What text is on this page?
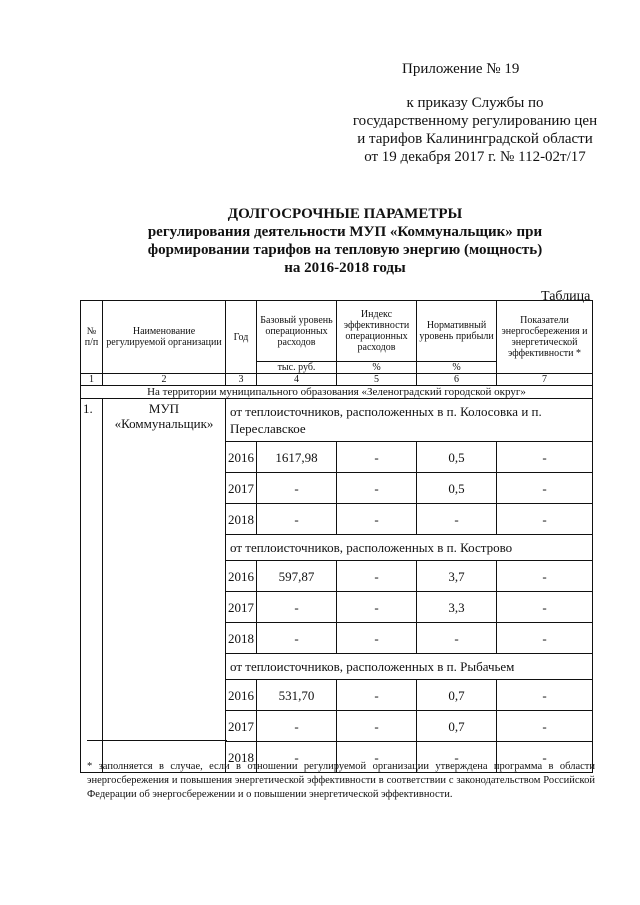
Приложение № 19
к приказу Службы по
государственному регулированию цен
и тарифов Калининградской области
от 19 декабря 2017 г. № 112-02т/17
ДОЛГОСРОЧНЫЕ ПАРАМЕТРЫ
регулирования деятельности МУП «Коммунальщик» при
формировании тарифов на тепловую энергию (мощность)
на 2016-2018 годы
Таблица
№ п/п	Наименование регулируемой организации	Год	Базовый уровень операционных расходов	Индекс эффективности операционных расходов	Нормативный уровень прибыли	Показатели энергосбережения и энергетической эффективности *
			тыс. руб.	%	%	
1	2	3	4	5	6	7
На территории муниципального образования «Зеленоградский городской округ»						
1.	МУП «Коммунальщик»	от теплоисточников, расположенных в п. Колосовка и п. Переславское				
		2016	1617,98	-	0,5	-
		2017	-	-	0,5	-
		2018	-	-	-	-
		от теплоисточников, расположенных в п. Кострово				
		2016	597,87	-	3,7	-
		2017	-	-	3,3	-
		2018	-	-	-	-
		от теплоисточников, расположенных в п. Рыбачьем				
		2016	531,70	-	0,7	-
		2017	-	-	0,7	-
		2018	-	-	-	-
* заполняется в случае, если в отношении регулируемой организации утверждена программа в области энергосбережения и повышения энергетической эффективности в соответствии с законодательством Российской Федерации об энергосбережении и о повышении энергетической эффективности.
